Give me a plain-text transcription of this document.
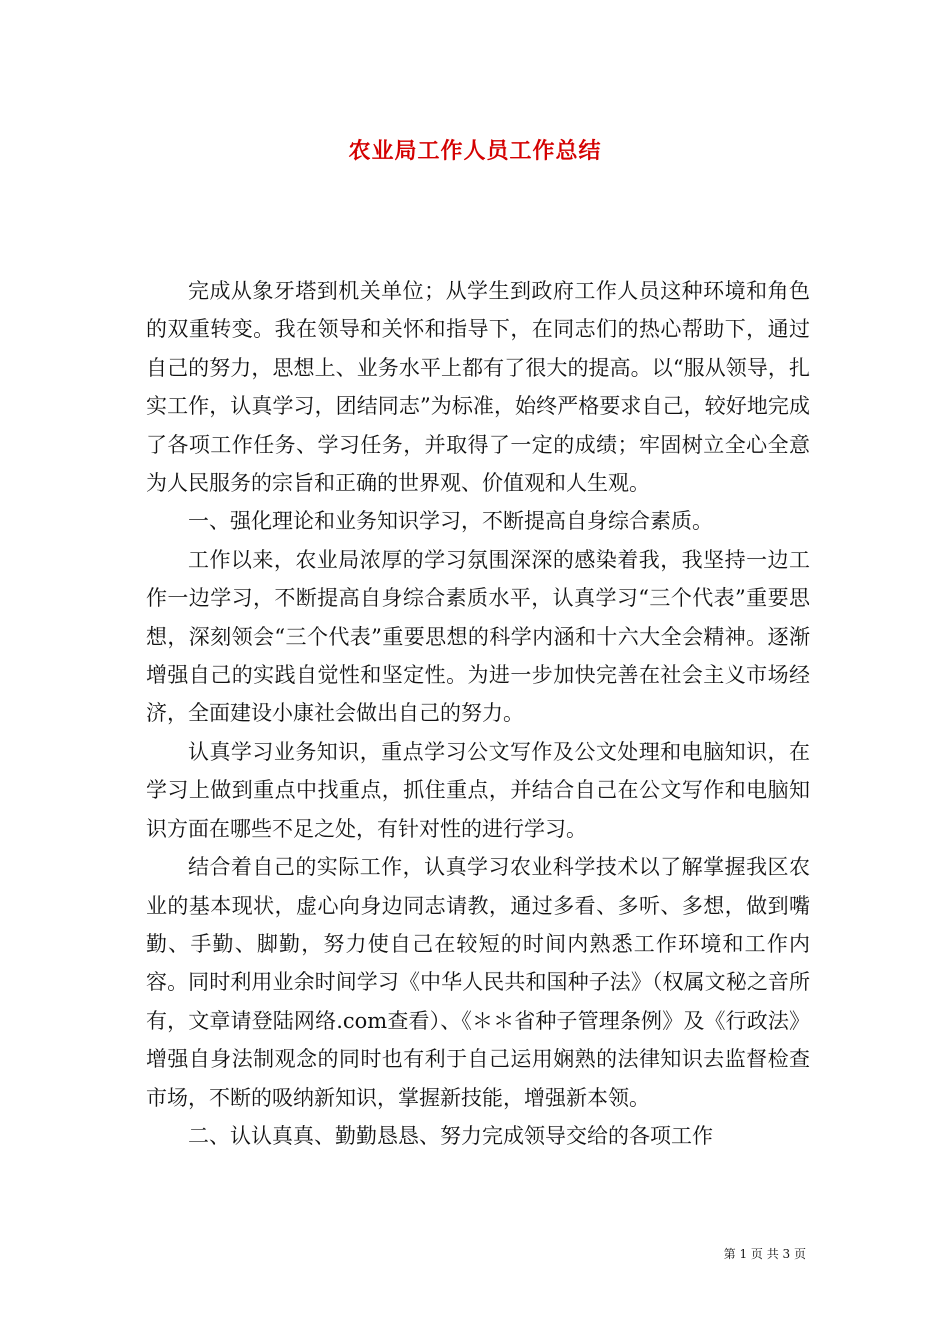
农业局工作人员工作总结

完成从象牙塔到机关单位；从学生到政府工作人员这种环境和角色的双重转变。我在领导和关怀和指导下，在同志们的热心帮助下，通过自己的努力，思想上、业务水平上都有了很大的提高。以“服从领导，扎实工作，认真学习，团结同志”为标准，始终严格要求自己，较好地完成了各项工作任务、学习任务，并取得了一定的成绩；牢固树立全心全意为人民服务的宗旨和正确的世界观、价值观和人生观。

一、强化理论和业务知识学习，不断提高自身综合素质。

工作以来，农业局浓厚的学习氛围深深的感染着我，我坚持一边工作一边学习，不断提高自身综合素质水平，认真学习“三个代表”重要思想，深刻领会“三个代表”重要思想的科学内涵和十六大全会精神。逐渐增强自己的实践自觉性和坚定性。为进一步加快完善在社会主义市场经济，全面建设小康社会做出自己的努力。

认真学习业务知识，重点学习公文写作及公文处理和电脑知识，在学习上做到重点中找重点，抓住重点，并结合自己在公文写作和电脑知识方面在哪些不足之处，有针对性的进行学习。

结合着自己的实际工作，认真学习农业科学技术以了解掌握我区农业的基本现状，虚心向身边同志请教，通过多看、多听、多想，做到嘴勤、手勤、脚勤，努力使自己在较短的时间内熟悉工作环境和工作内容。同时利用业余时间学习《中华人民共和国种子法》（权属文秘之音所有，文章请登陆网络.com查看）、《＊＊省种子管理条例》及《行政法》增强自身法制观念的同时也有利于自己运用娴熟的法律知识去监督检查市场，不断的吸纳新知识，掌握新技能，增强新本领。

二、认认真真、勤勤恳恳、努力完成领导交给的各项工作

第 1 页 共 3 页
